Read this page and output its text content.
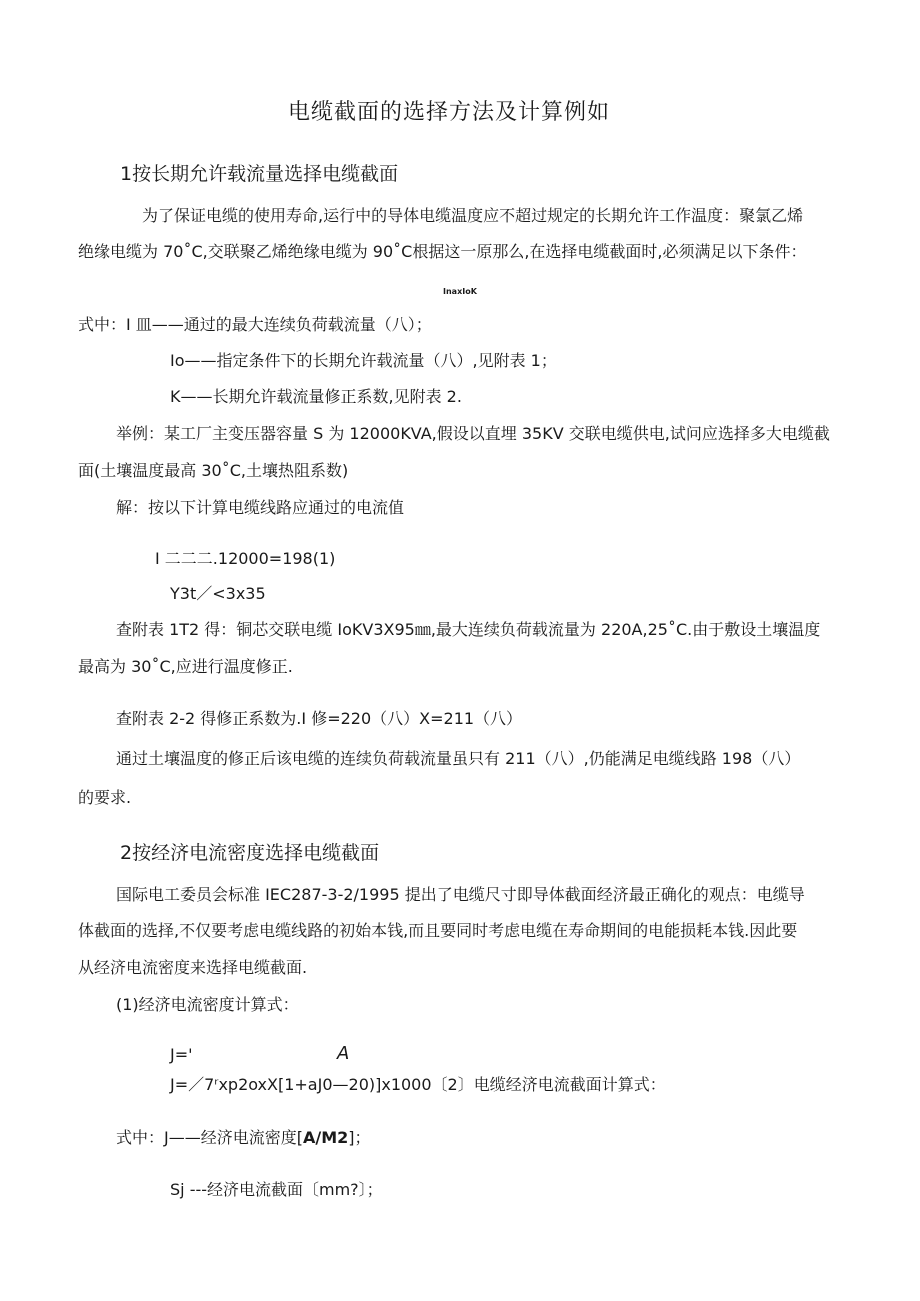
电缆截面的选择方法及计算例如
1按长期允许载流量选择电缆截面
为了保证电缆的使用寿命,运行中的导体电缆温度应不超过规定的长期允许工作温度：聚氯乙烯
绝缘电缆为 70˚C,交联聚乙烯绝缘电缆为 90˚C根据这一原那么,在选择电缆截面时,必须满足以下条件：
InaxIoK
式中：I 皿——通过的最大连续负荷载流量（八）；
Io——指定条件下的长期允许载流量（八）,见附表 1；
K——长期允许载流量修正系数,见附表 2.
举例：某工厂主变压器容量 S 为 12000KVA,假设以直埋 35KV 交联电缆供电,试问应选择多大电缆截
面(土壤温度最高 30˚C,土壤热阻系数)
解：按以下计算电缆线路应通过的电流值
I 二二二.12000=198(1)
Y3t／<3x35
查附表 1T2 得：铜芯交联电缆 IoKV3X95㎜,最大连续负荷载流量为 220A,25˚C.由于敷设土壤温度
最高为 30˚C,应进行温度修正.
查附表 2-2 得修正系数为.I 修=220（八）X=211（八）
通过土壤温度的修正后该电缆的连续负荷载流量虽只有 211（八）,仍能满足电缆线路 198（八）
的要求.
2按经济电流密度选择电缆截面
国际电工委员会标准 IEC287-3-2/1995 提出了电缆尺寸即导体截面经济最正确化的观点：电缆导
体截面的选择,不仅要考虑电缆线路的初始本钱,而且要同时考虑电缆在寿命期间的电能损耗本钱.因此要
从经济电流密度来选择电缆截面.
(1)经济电流密度计算式：
J='	A
J=／7ʳxp2oxX[1+aJ0—20)]x1000〔2〕电缆经济电流截面计算式：
式中：J——经济电流密度[A/M2]；
Sj ---经济电流截面〔mm?〕；
